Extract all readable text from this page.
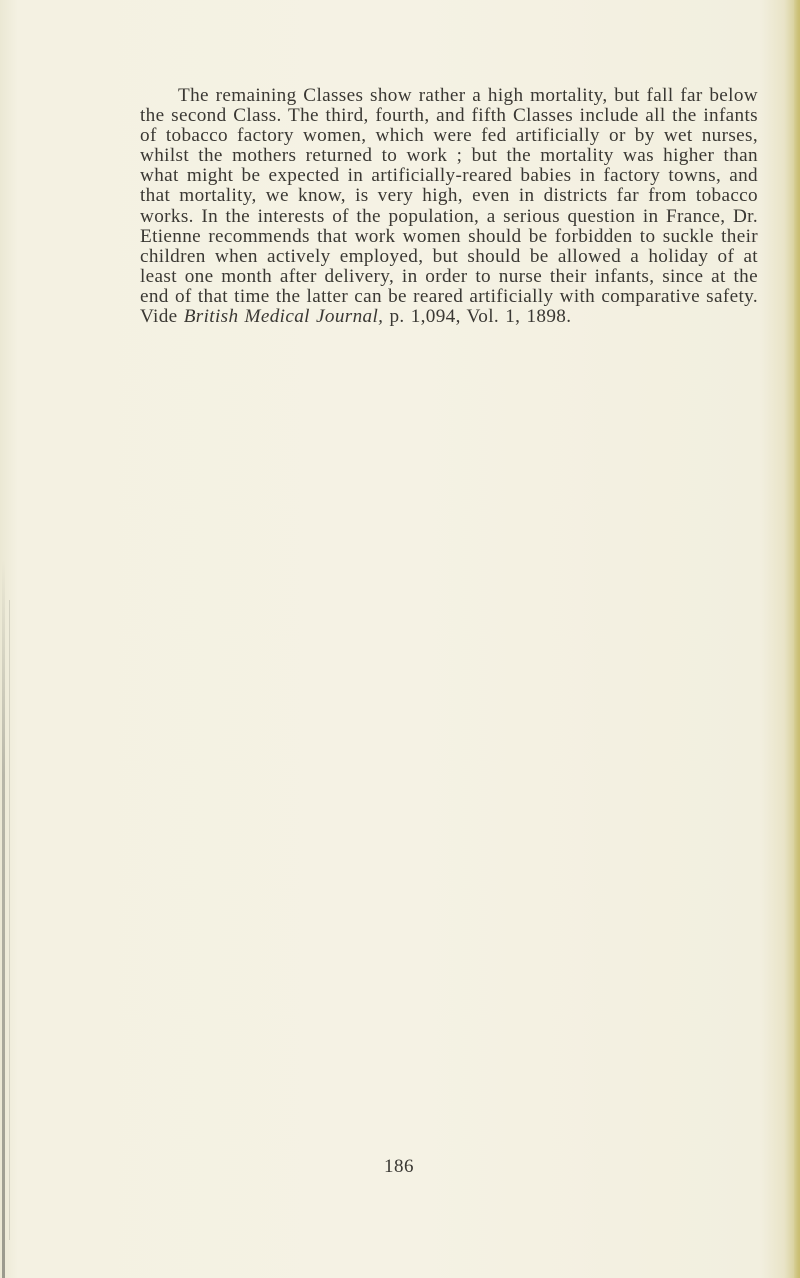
The remaining Classes show rather a high mortality, but fall far below the second Class. The third, fourth, and fifth Classes include all the infants of tobacco factory women, which were fed artificially or by wet nurses, whilst the mothers returned to work ; but the mortality was higher than what might be expected in artificially-reared babies in factory towns, and that mortality, we know, is very high, even in districts far from tobacco works. In the interests of the population, a serious question in France, Dr. Etienne recommends that work women should be forbidden to suckle their children when actively employed, but should be allowed a holiday of at least one month after delivery, in order to nurse their infants, since at the end of that time the latter can be reared artificially with comparative safety. Vide British Medical Journal, p. 1,094, Vol. 1, 1898.
186
